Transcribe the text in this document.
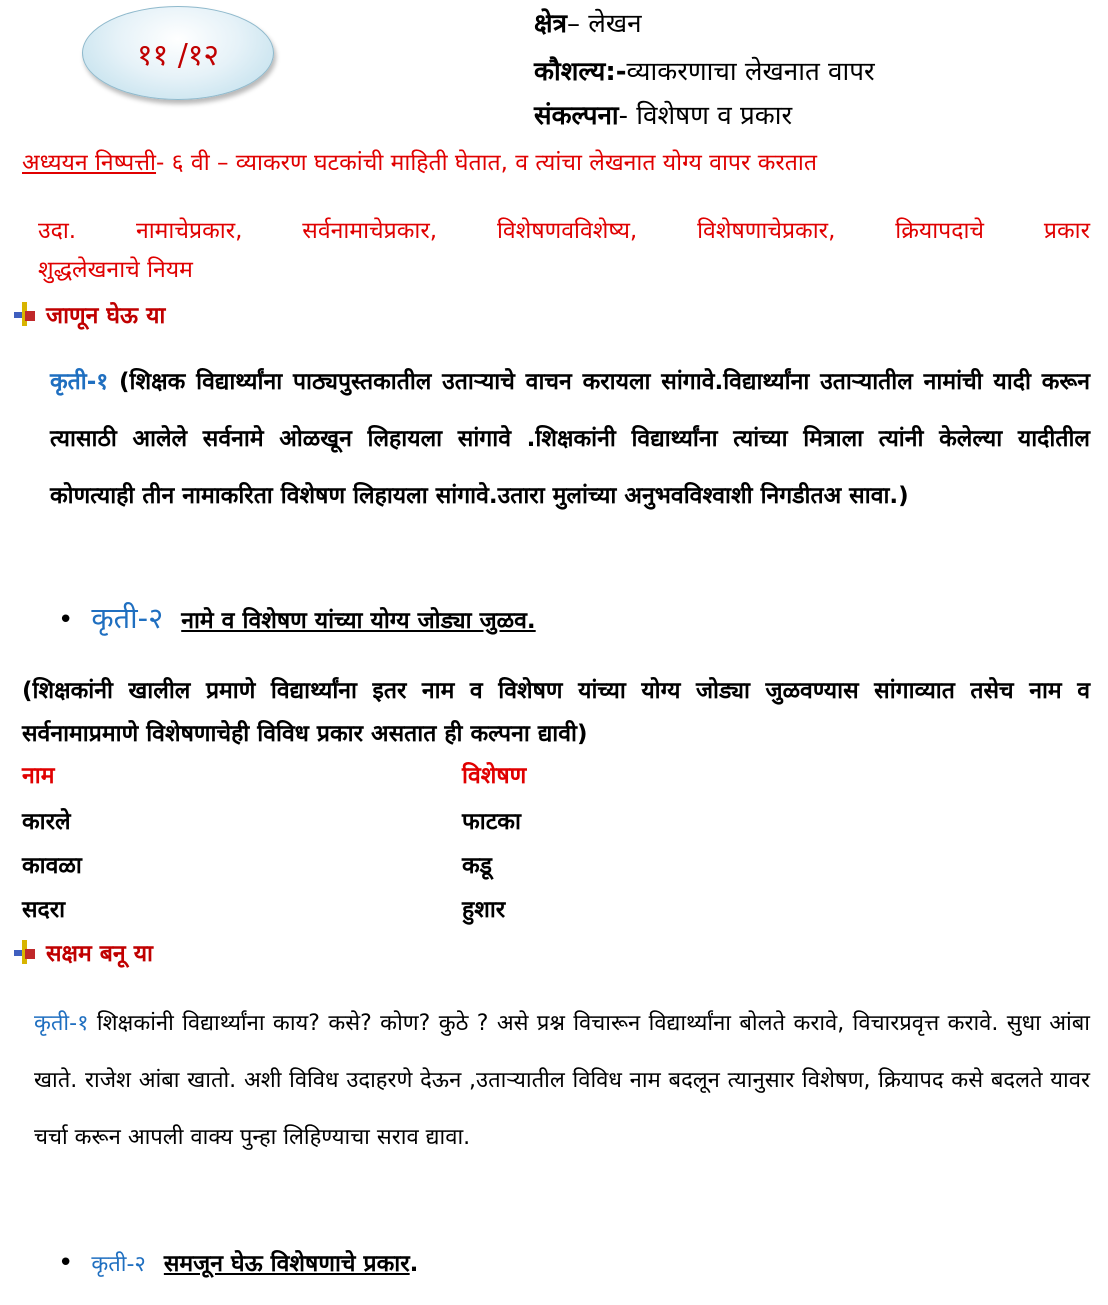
११ /१२
क्षेत्र– लेखन
कौशल्य:-व्याकरणाचा लेखनात वापर
संकल्पना- विशेषण व प्रकार
अध्ययन निष्पत्ती- ६ वी – व्याकरण घटकांची माहिती घेतात, व त्यांचा लेखनात योग्य वापर करतात
उदा. नामाचेप्रकार, सर्वनामाचेप्रकार, विशेषणवविशेष्य, विशेषणाचेप्रकार, क्रियापदाचे प्रकार
शुद्धलेखनाचे नियम
जाणून घेऊ या
कृती-१ (शिक्षक विद्यार्थ्यांना पाठ्यपुस्तकातील उताऱ्याचे वाचन करायला सांगावे.विद्यार्थ्यांना उताऱ्यातील नामांची यादी करून त्यासाठी आलेले सर्वनामे ओळखून लिहायला सांगावे .शिक्षकांनी विद्यार्थ्यांना त्यांच्या मित्राला त्यांनी केलेल्या यादीतील कोणत्याही तीन नामाकरिता विशेषण लिहायला सांगावे.उतारा मुलांच्या अनुभवविश्वाशी निगडीतअ सावा.)
• कृती-२ नामे व विशेषण यांच्या योग्य जोड्या जुळव.
(शिक्षकांनी खालील प्रमाणे विद्यार्थ्यांना इतर नाम व विशेषण यांच्या योग्य जोड्या जुळवण्यास सांगाव्यात तसेच नाम व सर्वनामाप्रमाणे विशेषणाचेही विविध प्रकार असतात ही कल्पना द्यावी)
नाम	विशेषण
कारले	फाटका
कावळा	कडू
सदरा	हुशार
सक्षम बनू या
कृती-१ शिक्षकांनी विद्यार्थ्यांना काय? कसे? कोण? कुठे ? असे प्रश्न विचारून विद्यार्थ्यांना बोलते करावे, विचारप्रवृत्त करावे. सुधा आंबा खाते. राजेश आंबा खातो. अशी विविध उदाहरणे देऊन ,उताऱ्यातील विविध नाम बदलून त्यानुसार विशेषण, क्रियापद कसे बदलते यावर चर्चा करून आपली वाक्य पुन्हा लिहिण्याचा सराव द्यावा.
• कृती-२ समजून घेऊ विशेषणाचे प्रकार.
